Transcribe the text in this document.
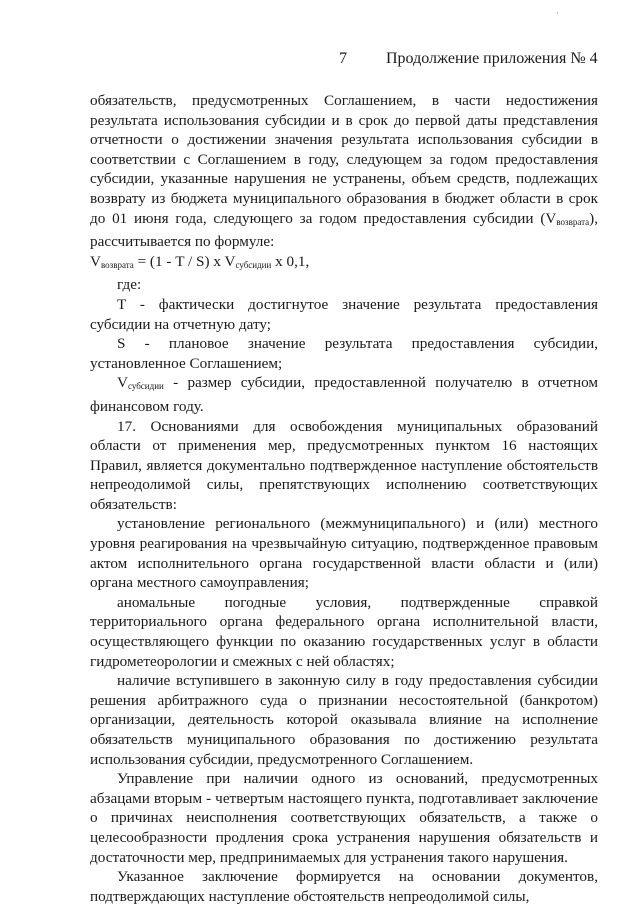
·
7 Продолжение приложения № 4

обязательств, предусмотренных Соглашением, в части недостижения результата использования субсидии и в срок до первой даты представления отчетности о достижении значения результата использования субсидии в соответствии с Соглашением в году, следующем за годом предоставления субсидии, указанные нарушения не устранены, объем средств, подлежащих возврату из бюджета муниципального образования в бюджет области в срок до 01 июня года, следующего за годом предоставления субсидии $(V_{возврата})$, рассчитывается по формуле:

$V_{возврата} = (1 - T / S)$ x $V_{субсидии}$ x 0,1,

где:

T - фактически достигнутое значение результата предоставления субсидии на отчетную дату;

S - плановое значение результата предоставления субсидии, установленное Соглашением;

$V_{субсидии}$ - размер субсидии, предоставленной получателю в отчетном финансовом году.

17. Основаниями для освобождения муниципальных образований области от применения мер, предусмотренных пунктом 16 настоящих Правил, является документально подтвержденное наступление обстоятельств непреодолимой силы, препятствующих исполнению соответствующих обязательств:

установление регионального (межмуниципального) и (или) местного уровня реагирования на чрезвычайную ситуацию, подтвержденное правовым актом исполнительного органа государственной власти области и (или) органа местного самоуправления;

аномальные погодные условия, подтвержденные справкой территориального органа федерального органа исполнительной власти, осуществляющего функции по оказанию государственных услуг в области гидрометеорологии и смежных с ней областях;

наличие вступившего в законную силу в году предоставления субсидии решения арбитражного суда о признании несостоятельной (банкротом) организации, деятельность которой оказывала влияние на исполнение обязательств муниципального образования по достижению результата использования субсидии, предусмотренного Соглашением.

Управление при наличии одного из оснований, предусмотренных абзацами вторым - четвертым настоящего пункта, подготавливает заключение о причинах неисполнения соответствующих обязательств, а также о целесообразности продления срока устранения нарушения обязательств и достаточности мер, предпринимаемых для устранения такого нарушения.

Указанное заключение формируется на основании документов, подтверждающих наступление обстоятельств непреодолимой силы,
